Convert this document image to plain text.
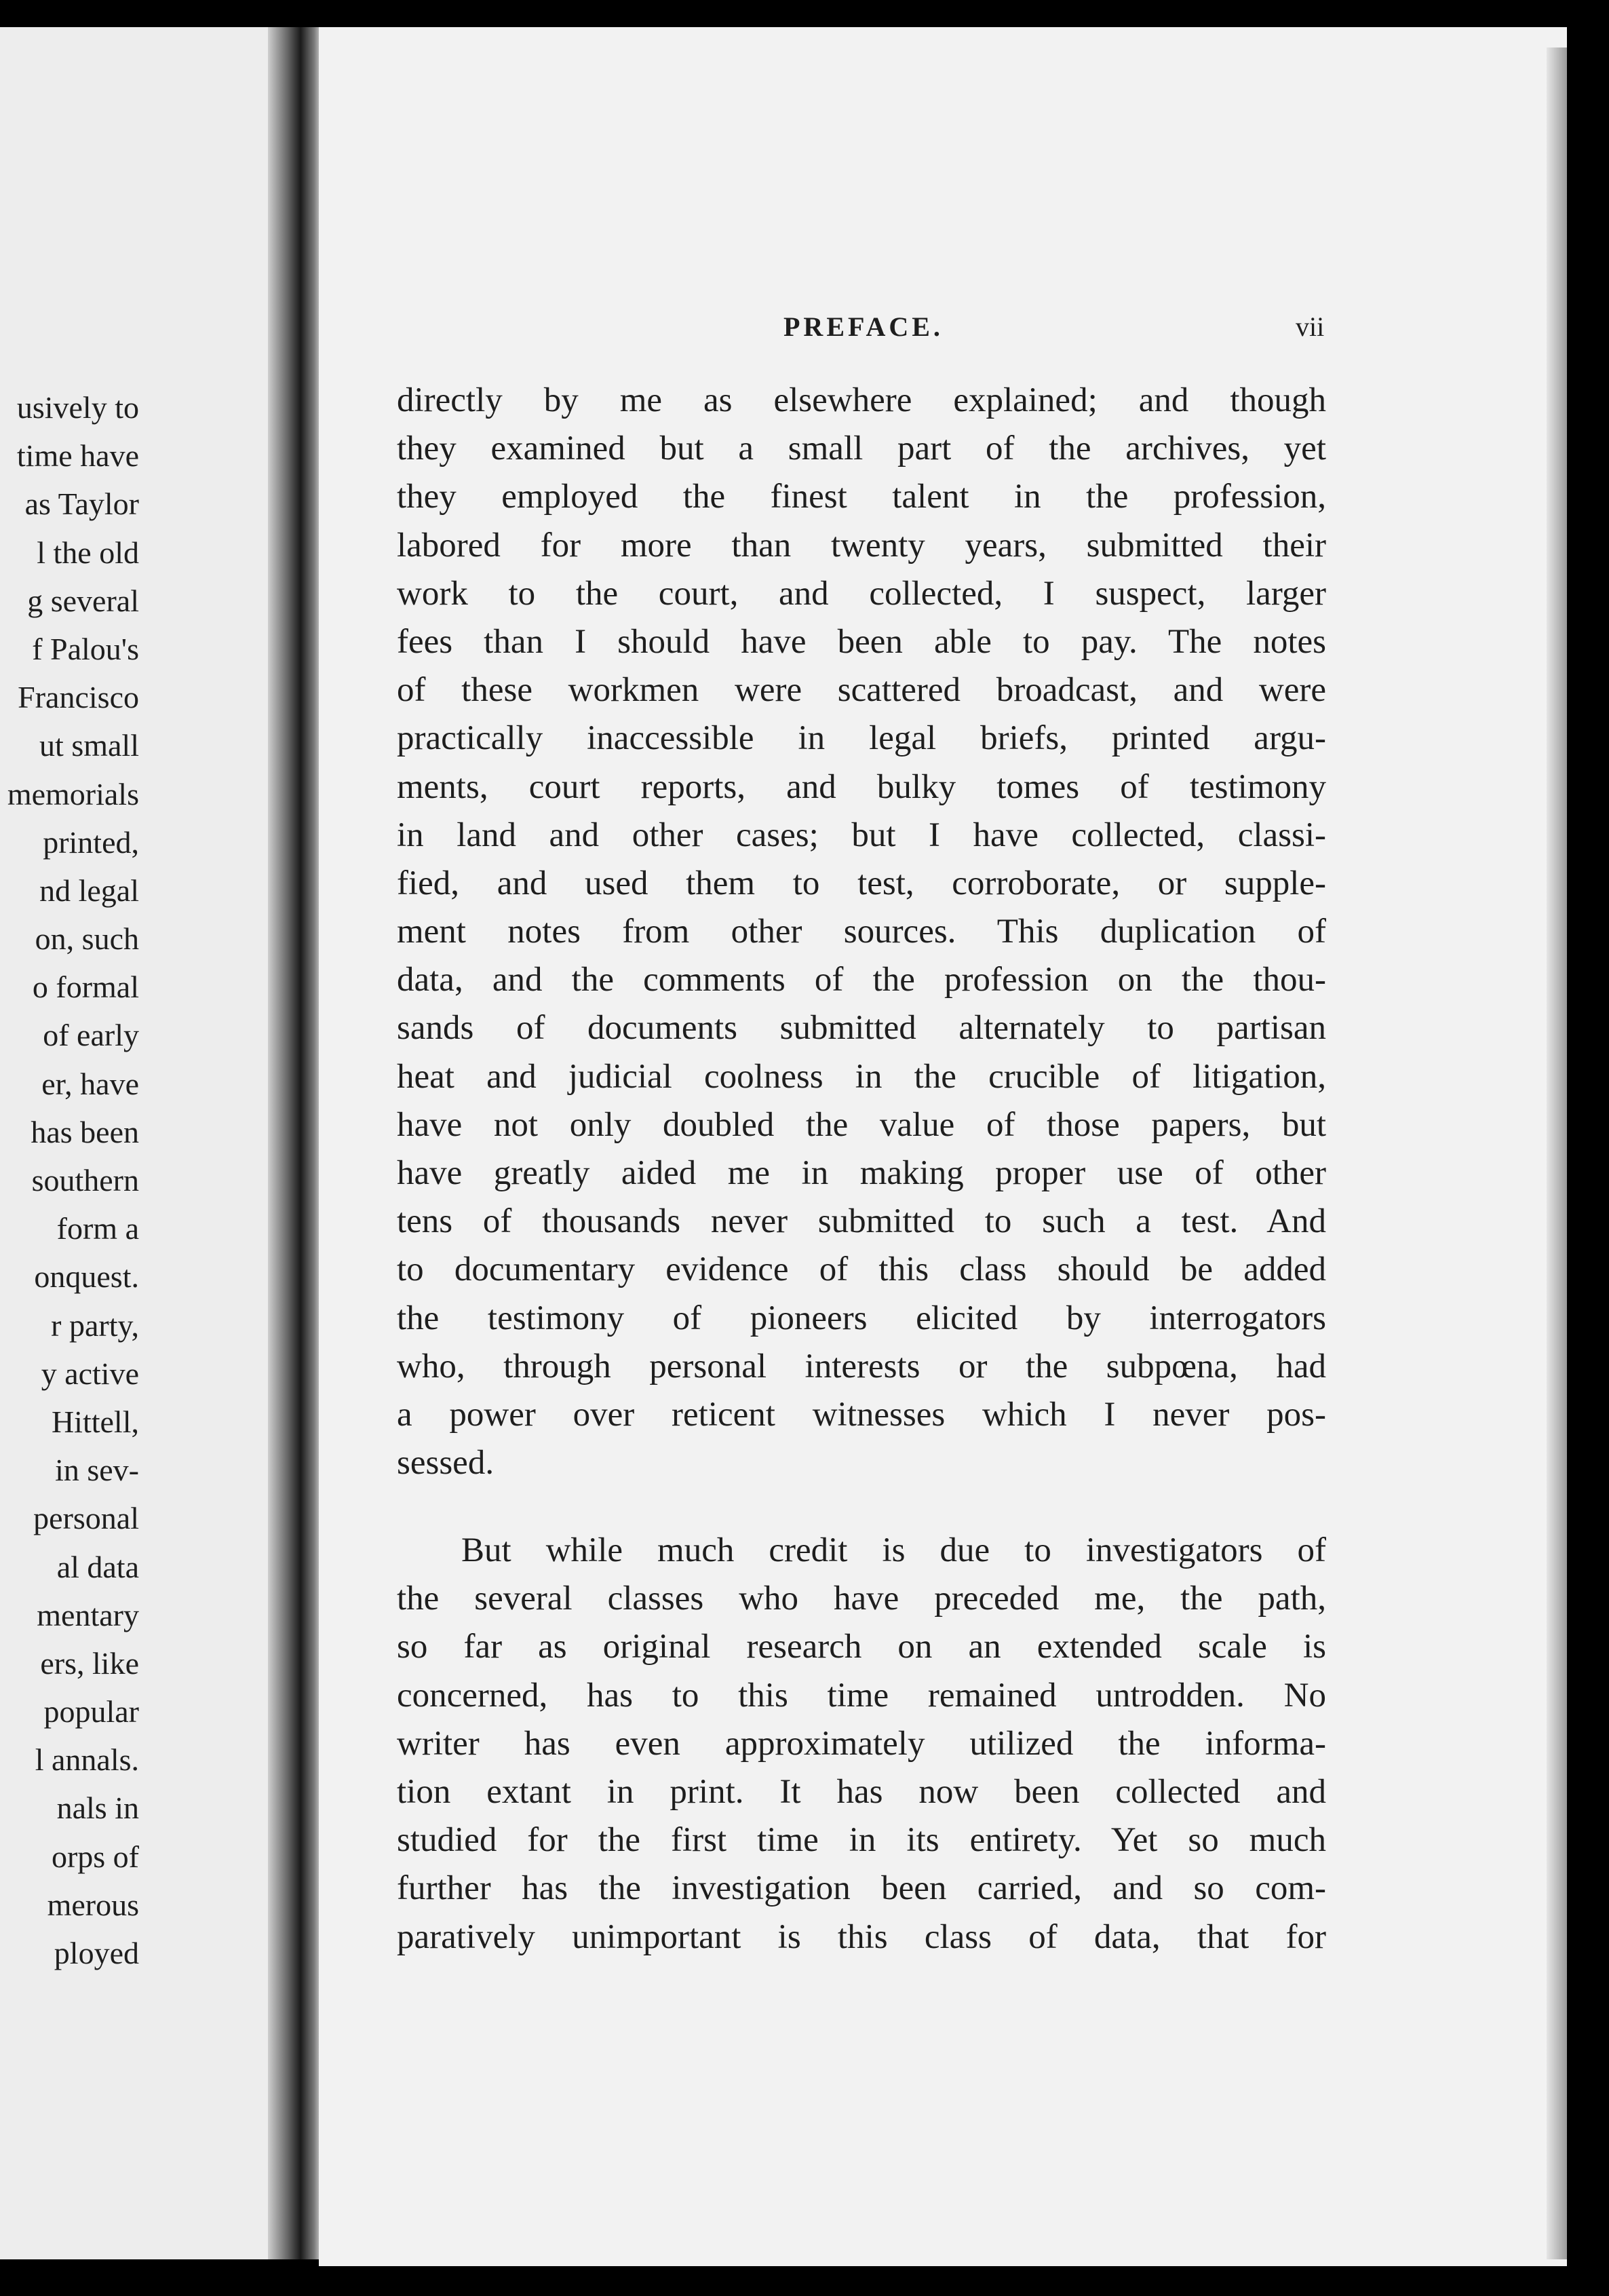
usively to
time have
as Taylor
l the old
g several
f Palou's
Francisco
ut small
memorials
printed,
nd legal
on, such
o formal
of early
er, have
has been
southern
form a
onquest.
r party,
y active
Hittell,
in sev-
personal
al data
mentary
ers, like
popular
l annals.
nals in
orps of
merous
ployed
PREFACE.	vii
directly by me as elsewhere explained; and though
they examined but a small part of the archives, yet
they employed the finest talent in the profession,
labored for more than twenty years, submitted their
work to the court, and collected, I suspect, larger
fees than I should have been able to pay. The notes
of these workmen were scattered broadcast, and were
practically inaccessible in legal briefs, printed argu-
ments, court reports, and bulky tomes of testimony
in land and other cases; but I have collected, classi-
fied, and used them to test, corroborate, or supple-
ment notes from other sources. This duplication of
data, and the comments of the profession on the thou-
sands of documents submitted alternately to partisan
heat and judicial coolness in the crucible of litigation,
have not only doubled the value of those papers, but
have greatly aided me in making proper use of other
tens of thousands never submitted to such a test. And
to documentary evidence of this class should be added
the testimony of pioneers elicited by interrogators
who, through personal interests or the subpœna, had
a power over reticent witnesses which I never pos-
sessed.
But while much credit is due to investigators of
the several classes who have preceded me, the path,
so far as original research on an extended scale is
concerned, has to this time remained untrodden. No
writer has even approximately utilized the informa-
tion extant in print. It has now been collected and
studied for the first time in its entirety. Yet so much
further has the investigation been carried, and so com-
paratively unimportant is this class of data, that for
